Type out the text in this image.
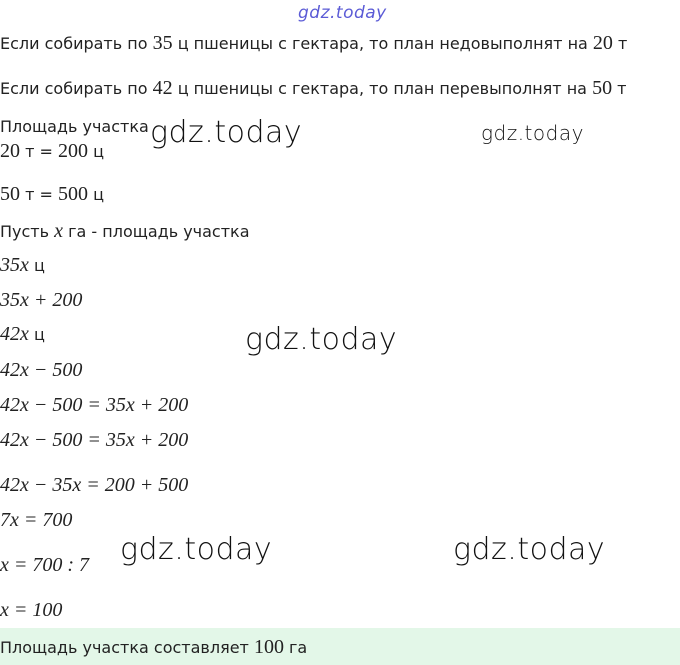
gdz.today
Если собирать по 35 ц пшеницы с гектара, то план недовыполнят на 20 т
Если собирать по 42 ц пшеницы с гектара, то план перевыполнят на 50 т
Площадь участка
20 т = 200 ц
50 т = 500 ц
Пусть x га - площадь участка
35x ц
35x + 200
42x ц
42x − 500
42x − 500 = 35x + 200
42x − 500 = 35x + 200
42x − 35x = 200 + 500
7x = 700
x = 700 : 7
x = 100
Площадь участка составляет 100 га
gdz.today	gdz.today
gdz.today
gdz.today	gdz.today
